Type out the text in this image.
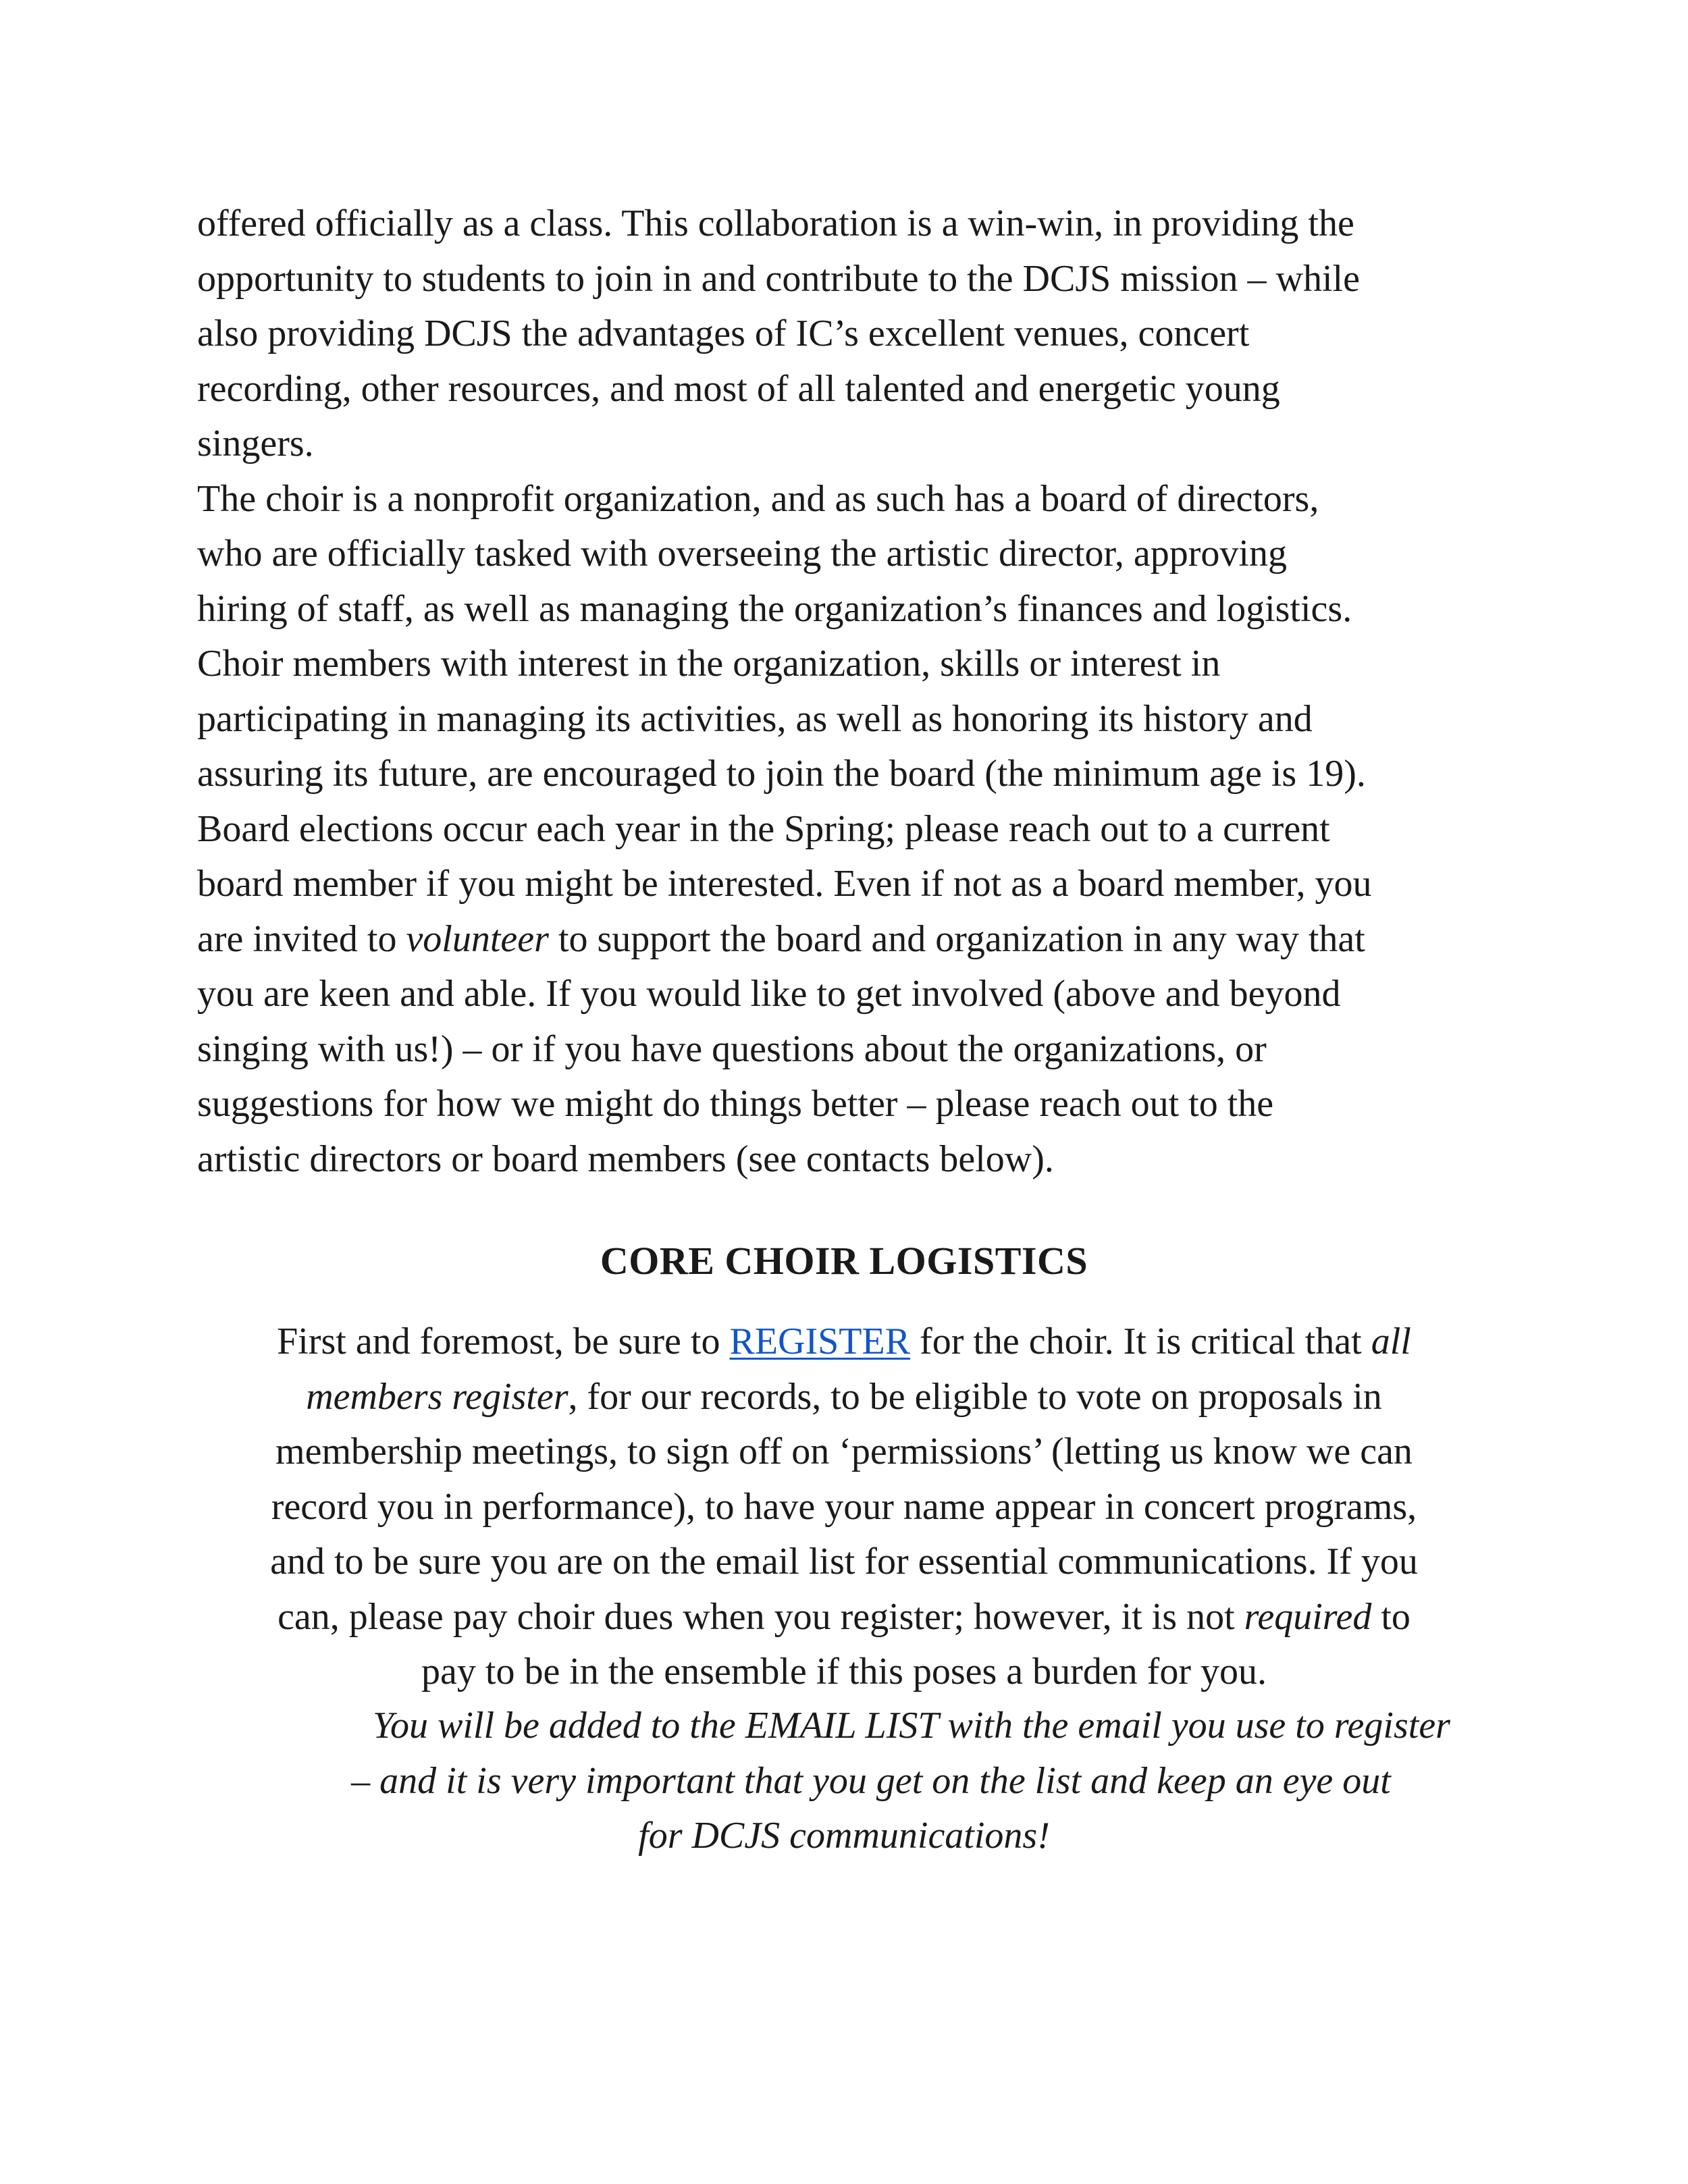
offered officially as a class. This collaboration is a win-win, in providing the
opportunity to students to join in and contribute to the DCJS mission – while
also providing DCJS the advantages of IC’s excellent venues, concert
recording, other resources, and most of all talented and energetic young
singers.
The choir is a nonprofit organization, and as such has a board of directors,
who are officially tasked with overseeing the artistic director, approving
hiring of staff, as well as managing the organization’s finances and logistics.
Choir members with interest in the organization, skills or interest in
participating in managing its activities, as well as honoring its history and
assuring its future, are encouraged to join the board (the minimum age is 19).
Board elections occur each year in the Spring; please reach out to a current
board member if you might be interested. Even if not as a board member, you
are invited to volunteer to support the board and organization in any way that
you are keen and able. If you would like to get involved (above and beyond
singing with us!) – or if you have questions about the organizations, or
suggestions for how we might do things better – please reach out to the
artistic directors or board members (see contacts below).
CORE CHOIR LOGISTICS
First and foremost, be sure to REGISTER for the choir. It is critical that all
members register, for our records, to be eligible to vote on proposals in
membership meetings, to sign off on ‘permissions’ (letting us know we can
record you in performance), to have your name appear in concert programs,
and to be sure you are on the email list for essential communications. If you
can, please pay choir dues when you register; however, it is not required to
pay to be in the ensemble if this poses a burden for you.
You will be added to the EMAIL LIST with the email you use to register
– and it is very important that you get on the list and keep an eye out
for DCJS communications!
